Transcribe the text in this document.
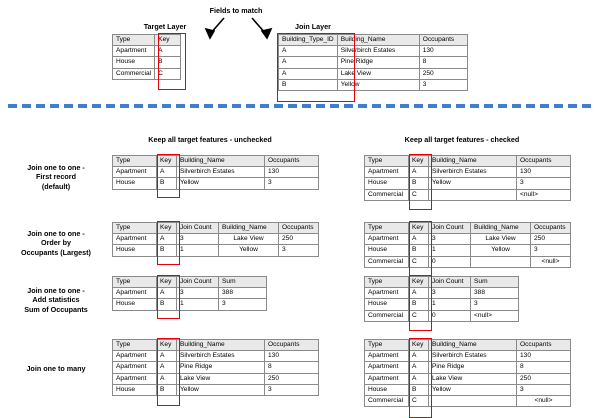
Target Layer
Fields to match
Join Layer
Type	Key
Apartment	A
House	B
Commercial	C
Building_Type_ID	Building_Name	Occupants
A	Silverbirch Estates	130
A	Pine Ridge	8
A	Lake View	250
B	Yellow	3
Keep all target features - unchecked	Keep all target features - checked
Join one to one -
First record
(default)
Type	Key	Building_Name	Occupants
Apartment	A	Silverbirch Estates	130
House	B	Yellow	3
Type	Key	Building_Name	Occupants
Apartment	A	Silverbirch Estates	130
House	B	Yellow	3
Commercial	C		<null>
Join one to one -
Order by
Occupants (Largest)
Type	Key	Join Count	Building_Name	Occupants
Apartment	A	3	Lake View	250
House	B	1	Yellow	3
Type	Key	Join Count	Building_Name	Occupants
Apartment	A	3	Lake View	250
House	B	1	Yellow	3
Commercial	C	0		<null>
Join one to one -
Add statistics
Sum of Occupants
Type	Key	Join Count	Sum
Apartment	A	3	388
House	B	1	3
Type	Key	Join Count	Sum
Apartment	A	3	388
House	B	1	3
Commercial	C	0	<null>
Join one to many
Type	Key	Building_Name	Occupants
Apartment	A	Silverbirch Estates	130
Apartment	A	Pine Ridge	8
Apartment	A	Lake View	250
House	B	Yellow	3
Type	Key	Building_Name	Occupants
Apartment	A	Silverbirch Estates	130
Apartment	A	Pine Ridge	8
Apartment	A	Lake View	250
House	B	Yellow	3
Commercial	C		<null>
